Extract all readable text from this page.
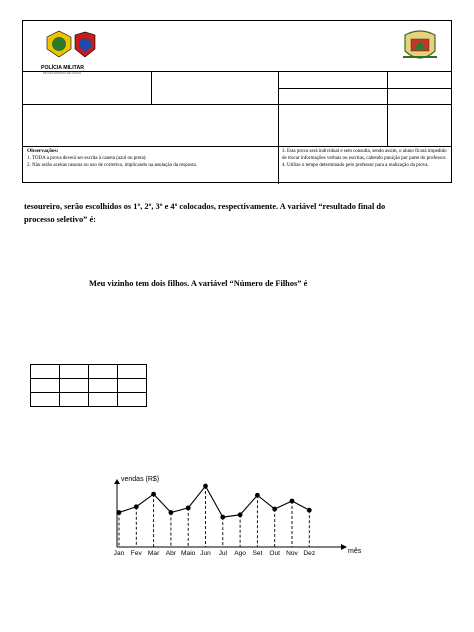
POLÍCIA MILITAR
PM DO ESTADO DE GOIÁS
Observações:
1. TODA a prova deverá ser escrita à caneta (azul ou preta).
2. Não serão aceitas rasuras ou uso de corretivo, implicando na anulação da resposta.
3. Esta prova será individual e sem consulta, sendo assim, o aluno ficará impedido de trocar informações verbais ou escritas, cabendo punição por parte do professor.
4. Utilize o tempo determinado pelo professor para a realização da prova.
tesoureiro, serão escolhidos os 1º, 2º, 3º e 4º colocados, respectivamente. A variável “resultado final do
processo seletivo” é:
Meu vizinho tem dois filhos. A variável “Número de Filhos” é

vendas (R$)
mês
Jan Fev Mar Abr Maio Jun Jul Ago Set Out Nov Dez
